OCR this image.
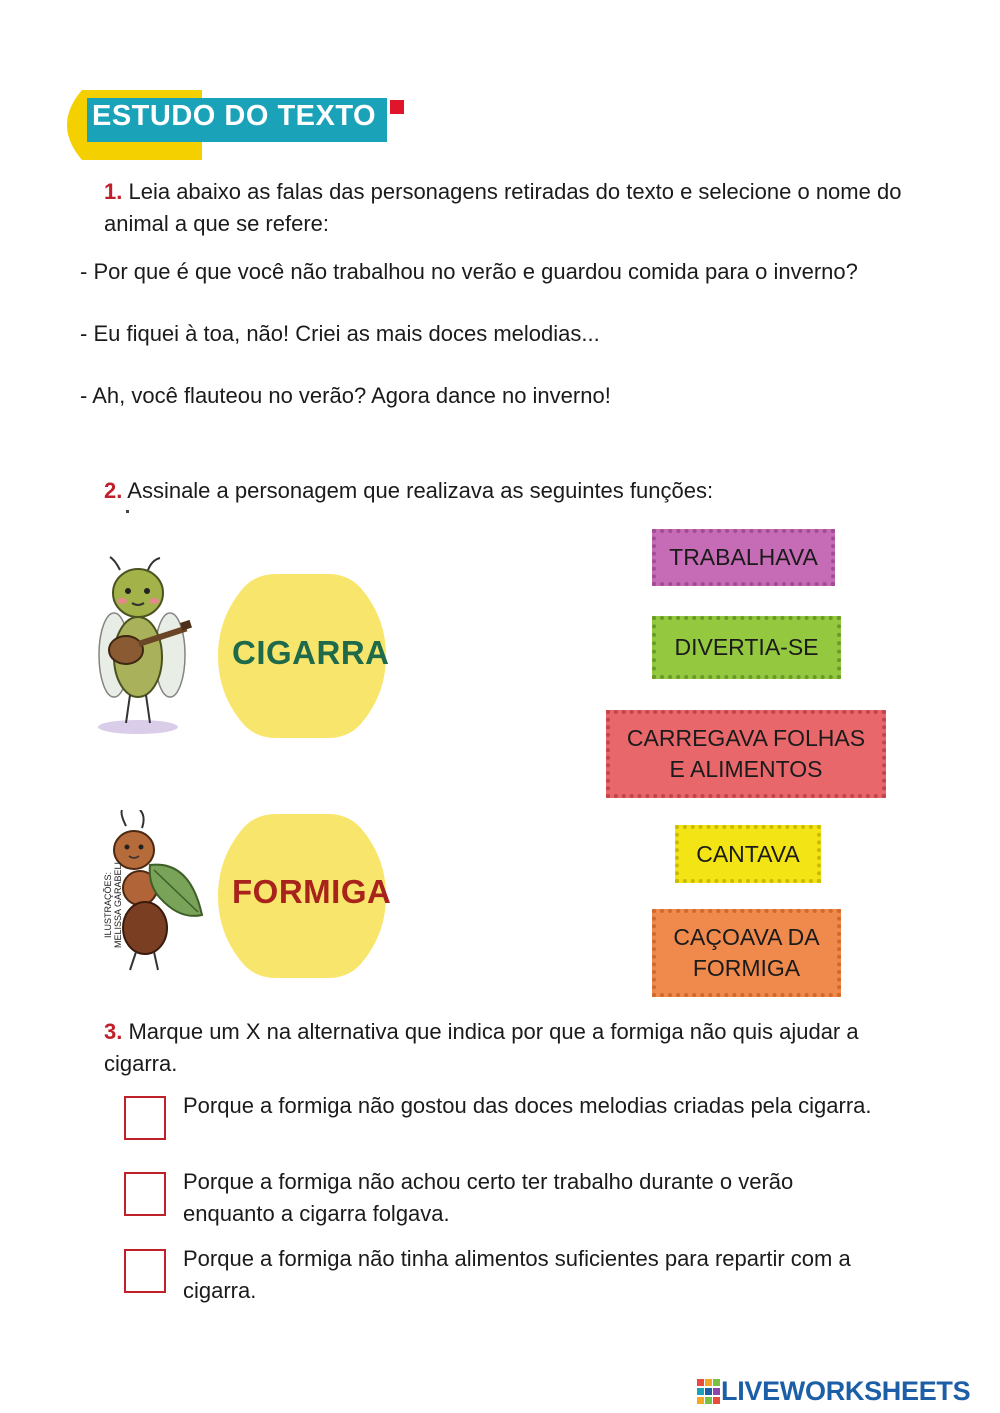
ESTUDO DO TEXTO
1. Leia abaixo as falas das personagens retiradas do texto e selecione o nome do animal a que se refere:
- Por que é que você não trabalhou no verão e guardou comida para o inverno?
- Eu fiquei à toa, não! Criei as mais doces melodias...
- Ah, você flauteou no verão? Agora dance no inverno!
2. Assinale a personagem que realizava as seguintes funções:
CIGARRA
ILUSTRAÇÕES: MELISSA GARABELI	FORMIGA
TRABALHAVA
DIVERTIA-SE
CARREGAVA FOLHAS
E ALIMENTOS
CANTAVA
CAÇOAVA DA
FORMIGA
3. Marque um X na alternativa que indica por que a formiga não quis ajudar a cigarra.
Porque a formiga não gostou das doces melodias criadas pela cigarra.
Porque a formiga não achou certo ter trabalho durante o verão enquanto a cigarra folgava.
Porque a formiga não tinha alimentos suficientes para repartir com a cigarra.
LIVEWORKSHEETS
